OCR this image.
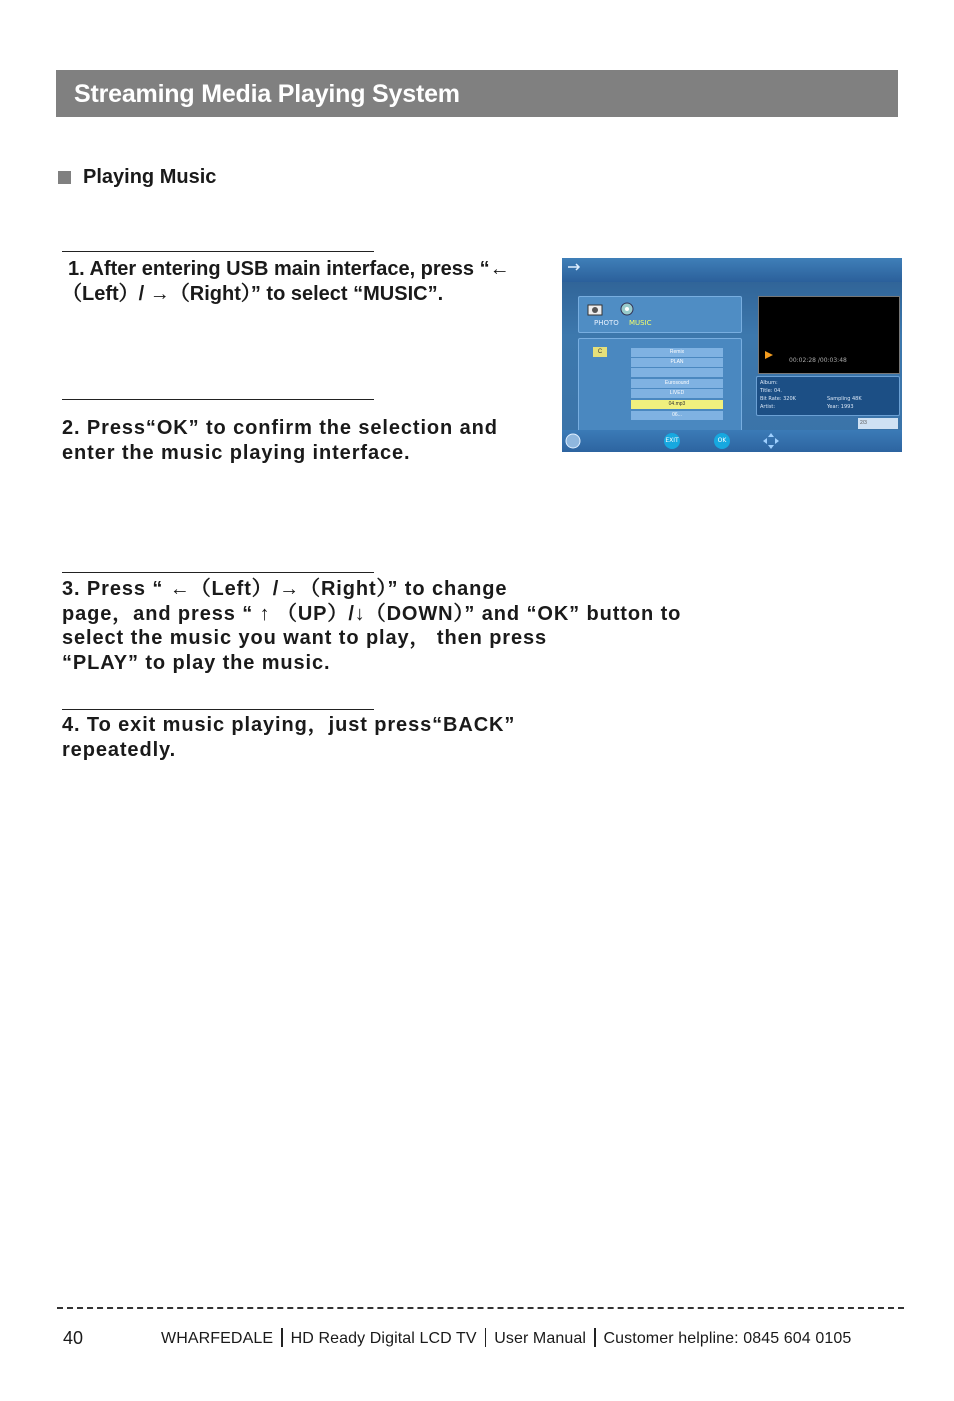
Streaming Media Playing System
Playing Music

1. After entering USB main interface, press “←

（Left）/ →（Right）” to select “MUSIC”.

2. Press“OK” to confirm the selection and

enter the music playing interface.

3. Press “ ←（Left）/→（Right）” to change

page，and press “ ↑ （UP）/↓（DOWN）” and “OK” button to

select the music you want to play， then press

“PLAY” to play the music.

4. To exit music playing，just press“BACK”

repeatedly.

PHOTO MUSIC
C	Remix
PLAN
Eurosound
LIVED
04.mp3
06...
00:02:28 /00:03:48
Album:
Title: 04.
Bit Rate: 320K
Artist:
Sampling 48K
Year: 1993
2/3
EXIT	OK
40	WHARFEDALE HD Ready Digital LCD TV User Manual Customer helpline: 0845 604 0105
